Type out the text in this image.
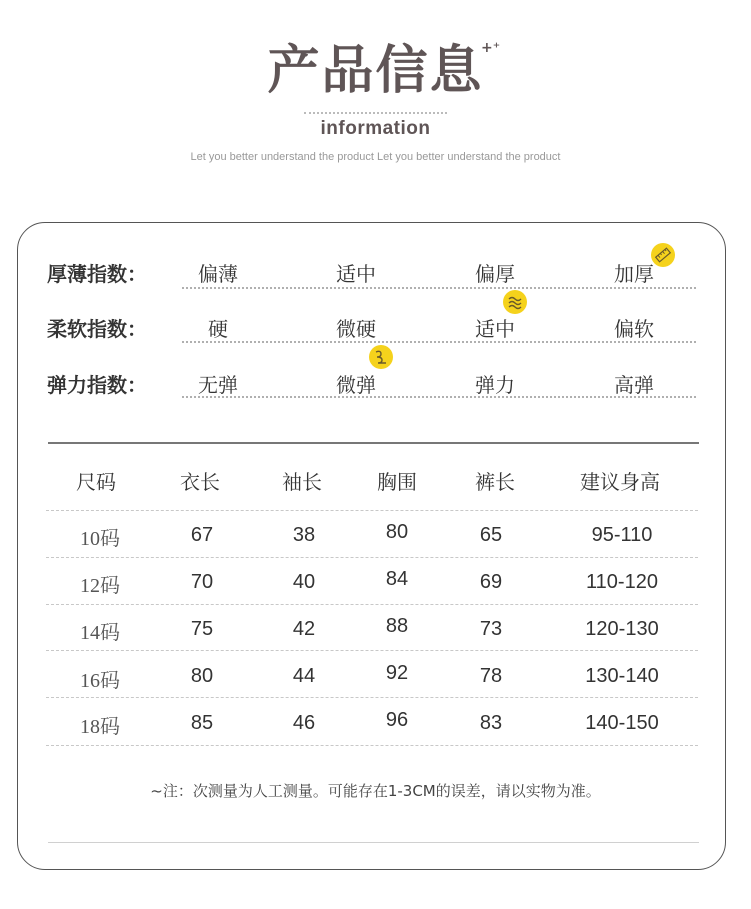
产品信息
+⁺
information
Let you better understand the product Let you better understand the product
厚薄指数：	偏薄	适中	偏厚	加厚
柔软指数：	硬	微硬	适中	偏软
弹力指数：	无弹	微弹	弹力	高弹
尺码	衣长	袖长	胸围	裤长	建议身高
10码	67	38	80	65	95-110
12码	70	40	84	69	110-120
14码	75	42	88	73	120-130
16码	80	44	92	78	130-140
18码	85	46	96	83	140-150
~注：次测量为人工测量。可能存在1-3CM的误差，请以实物为准。
